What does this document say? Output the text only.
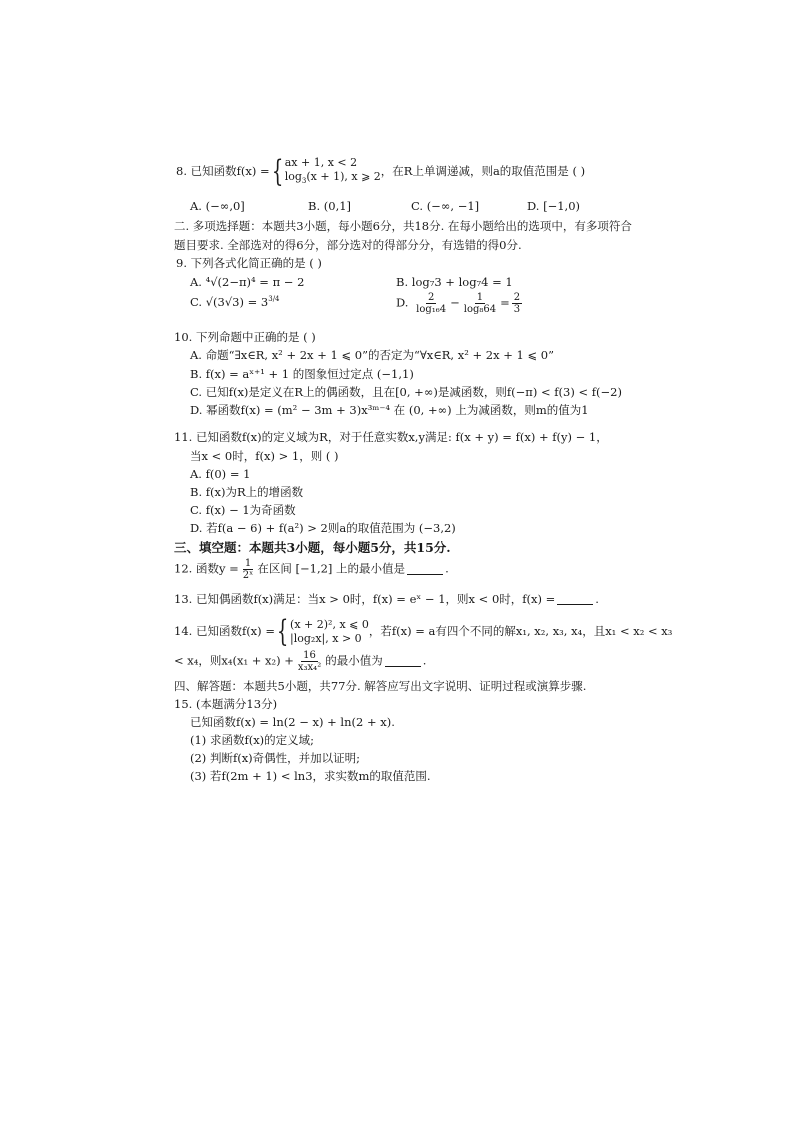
8. 已知函数f(x) ={ ax + 1, x < 2
$\log_3(x + 1)$, x ⩾ 2 ，在R上单调递减，则a的取值范围是 ( )
A. (−∞,0]	B. (0,1]	C. (−∞, −1]	D. [−1,0)
二. 多项选择题：本题共3小题，每小题6分，共18分. 在每小题给出的选项中，有多项符合
题目要求. 全部选对的得6分，部分选对的得部分分，有选错的得0分.
9. 下列各式化简正确的是 ( )
A. ⁴√(2−π)⁴ = π − 2	B. log₇3 + log₇4 = 1
C. $√(3√3) = 3^{3/4}$	D. $\frac{2}{\text{log₁₆4}} - \frac{1}{\text{log₈64}} = \frac{2}{3}$
10. 下列命题中正确的是 ( )
A. 命题“∃x∈R, x² + 2x + 1 ⩽ 0”的否定为“∀x∈R, x² + 2x + 1 ⩽ 0”
B. f(x) = aˣ⁺¹ + 1 的图象恒过定点 (−1,1)
C. 已知f(x)是定义在R上的偶函数，且在[0, +∞)是减函数，则f(−π) < f(3) < f(−2)
D. 幂函数f(x) = (m² − 3m + 3)x³ᵐ⁻⁴ 在 (0, +∞) 上为减函数，则m的值为1
11. 已知函数f(x)的定义域为R，对于任意实数x,y满足: f(x + y) = f(x) + f(y) − 1，
当x < 0时，f(x) > 1，则 ( )
A. f(0) = 1
B. f(x)为R上的增函数
C. f(x) − 1为奇函数
D. 若f(a − 6) + f(a²) > 2则a的取值范围为 (−3,2)
三、填空题：本题共3小题，每小题5分，共15分.
12. 函数$y = \frac{1}{\text{2ˣ}}$ 在区间 [−1,2] 上的最小值是	.
13. 已知偶函数f(x)满足：当x > 0时，f(x) = eˣ − 1，则x < 0时，f(x) =	.
14. 已知函数f(x) ={ (x + 2)², x ⩽ 0
|log₂x|, x > 0
，若f(x) = a有四个不同的解x₁, x₂, x₃, x₄，且x₁ < x₂ < x₃
< x₄，则$x_4(x_1 + x_2) + \frac{16}{\text{x₃x₄²}}$ 的最小值为	.
四、解答题：本题共5小题，共77分. 解答应写出文字说明、证明过程或演算步骤.
15. (本题满分13分)
已知函数f(x) = ln(2 − x) + ln(2 + x).
(1) 求函数f(x)的定义域;
(2) 判断f(x)奇偶性，并加以证明;
(3) 若f(2m + 1) < ln3，求实数m的取值范围.
